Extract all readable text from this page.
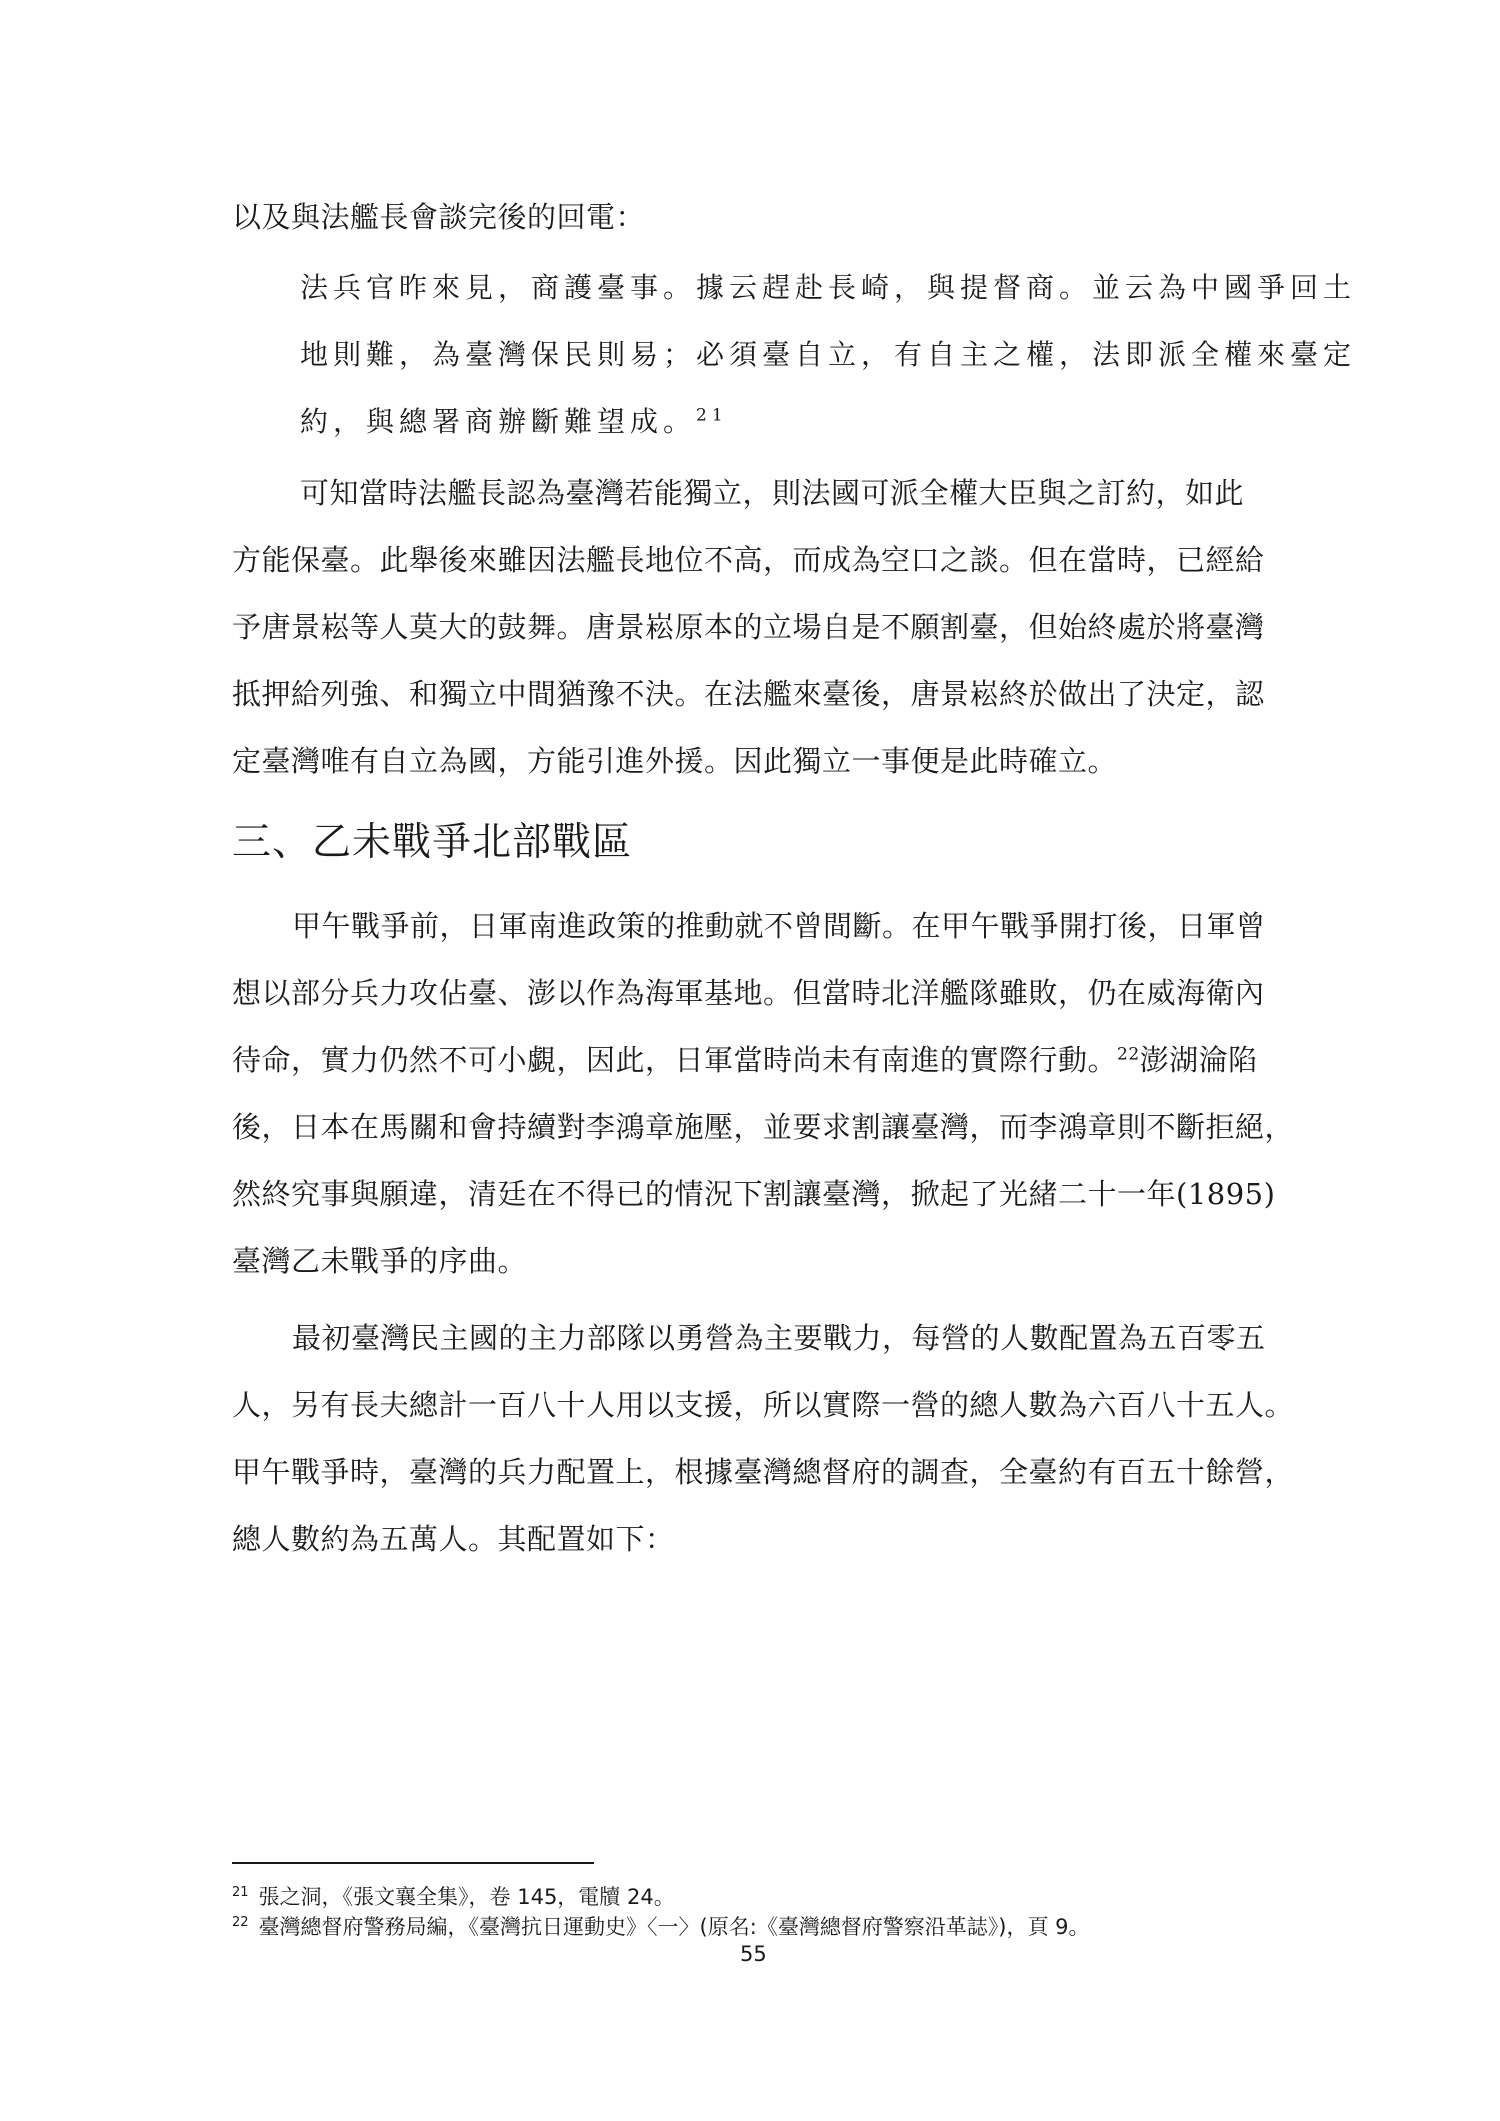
以及與法艦長會談完後的回電：
法兵官昨來見，商護臺事。據云趕赴長崎，與提督商。並云為中國爭回土
地則難，為臺灣保民則易；必須臺自立，有自主之權，法即派全權來臺定
約，與總署商辦斷難望成。$^{21}$
可知當時法艦長認為臺灣若能獨立，則法國可派全權大臣與之訂約，如此
方能保臺。此舉後來雖因法艦長地位不高，而成為空口之談。但在當時，已經給
予唐景崧等人莫大的鼓舞。唐景崧原本的立場自是不願割臺，但始終處於將臺灣
抵押給列強、和獨立中間猶豫不決。在法艦來臺後，唐景崧終於做出了決定，認
定臺灣唯有自立為國，方能引進外援。因此獨立一事便是此時確立。
三、乙未戰爭北部戰區
甲午戰爭前，日軍南進政策的推動就不曾間斷。在甲午戰爭開打後，日軍曾
想以部分兵力攻佔臺、澎以作為海軍基地。但當時北洋艦隊雖敗，仍在威海衛內
待命，實力仍然不可小覷，因此，日軍當時尚未有南進的實際行動。$^{22}$澎湖淪陷
後，日本在馬關和會持續對李鴻章施壓，並要求割讓臺灣，而李鴻章則不斷拒絕，
然終究事與願違，清廷在不得已的情況下割讓臺灣，掀起了光緒二十一年(1895)
臺灣乙未戰爭的序曲。
最初臺灣民主國的主力部隊以勇營為主要戰力，每營的人數配置為五百零五
人，另有長夫總計一百八十人用以支援，所以實際一營的總人數為六百八十五人。
甲午戰爭時，臺灣的兵力配置上，根據臺灣總督府的調查，全臺約有百五十餘營，
總人數約為五萬人。其配置如下：
$^{21}$ 張之洞，《張文襄全集》，卷 145，電牘 24。
$^{22}$ 臺灣總督府警務局編，《臺灣抗日運動史》〈一〉(原名:《臺灣總督府警察沿革誌》)，頁 9。
55
